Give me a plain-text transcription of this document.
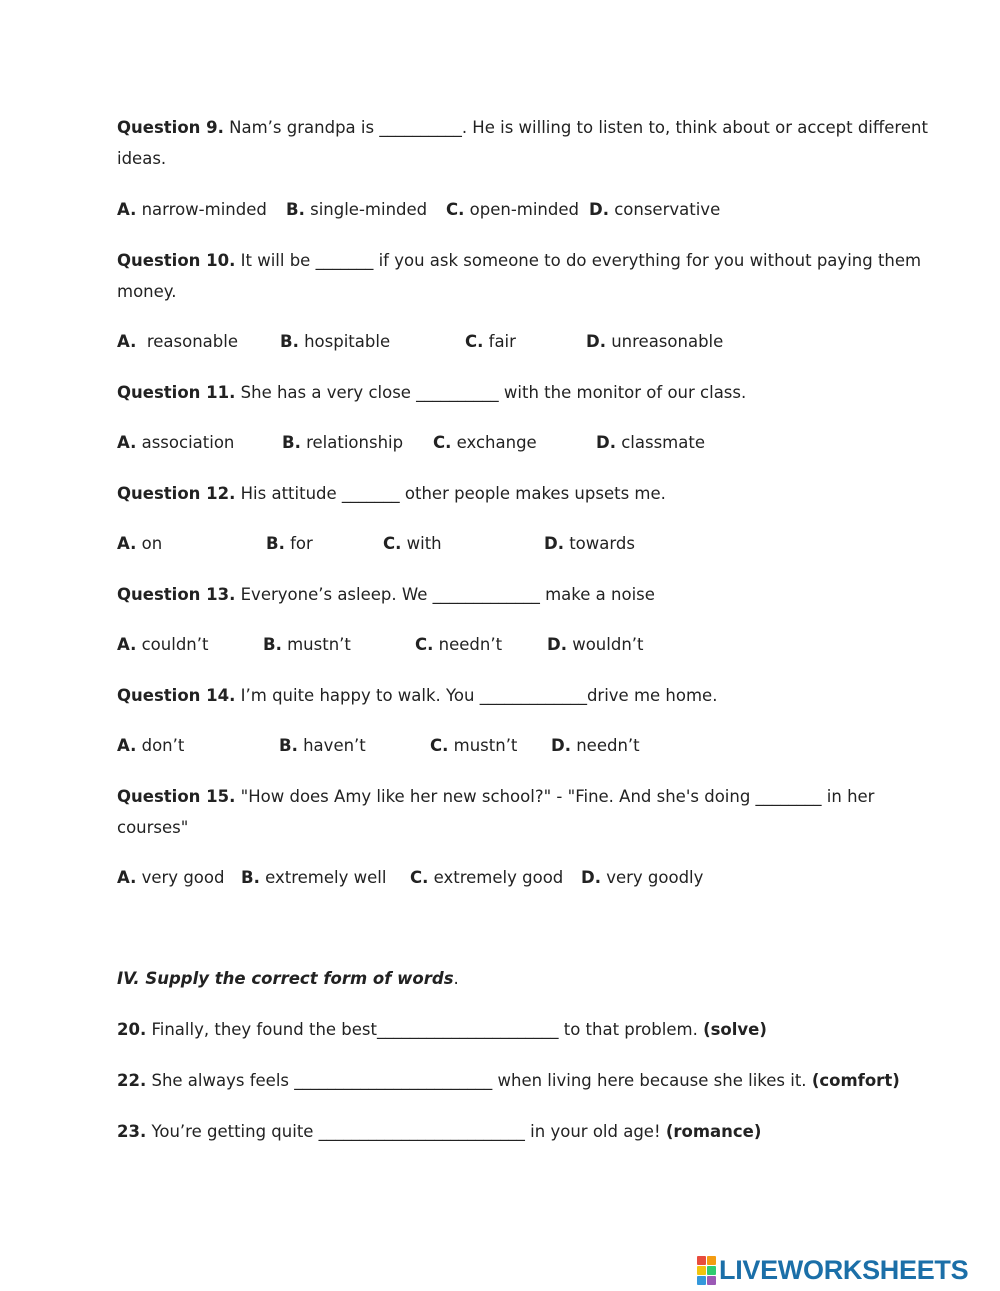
Question 9. Nam’s grandpa is __________. He is willing to listen to, think about or accept different
ideas.
A. narrow-minded B. single-minded C. open-minded D. conservative
Question 10. It will be _______ if you ask someone to do everything for you without paying them
money.
A.  reasonable	B. hospitable	C. fair	D. unreasonable
Question 11. She has a very close __________ with the monitor of our class.
A. association	B. relationship C. exchange	D. classmate
Question 12. His attitude _______ other people makes upsets me.
A. on	B. for	C. with	D. towards
Question 13. Everyone’s asleep. We _____________ make a noise
A. couldn’t	B. mustn’t	C. needn’t	D. wouldn’t
Question 14. I’m quite happy to walk. You _____________drive me home.
A. don’t	B. haven’t	C. mustn’t D. needn’t
Question 15. "How does Amy like her new school?" - "Fine. And she's doing ________ in her
courses"
A. very good B. extremely well C. extremely good D. very goodly
IV. Supply the correct form of words.
20. Finally, they found the best______________________ to that problem. (solve)
22. She always feels ________________________ when living here because she likes it. (comfort)
23. You’re getting quite _________________________ in your old age! (romance)
LIVEWORKSHEETS
